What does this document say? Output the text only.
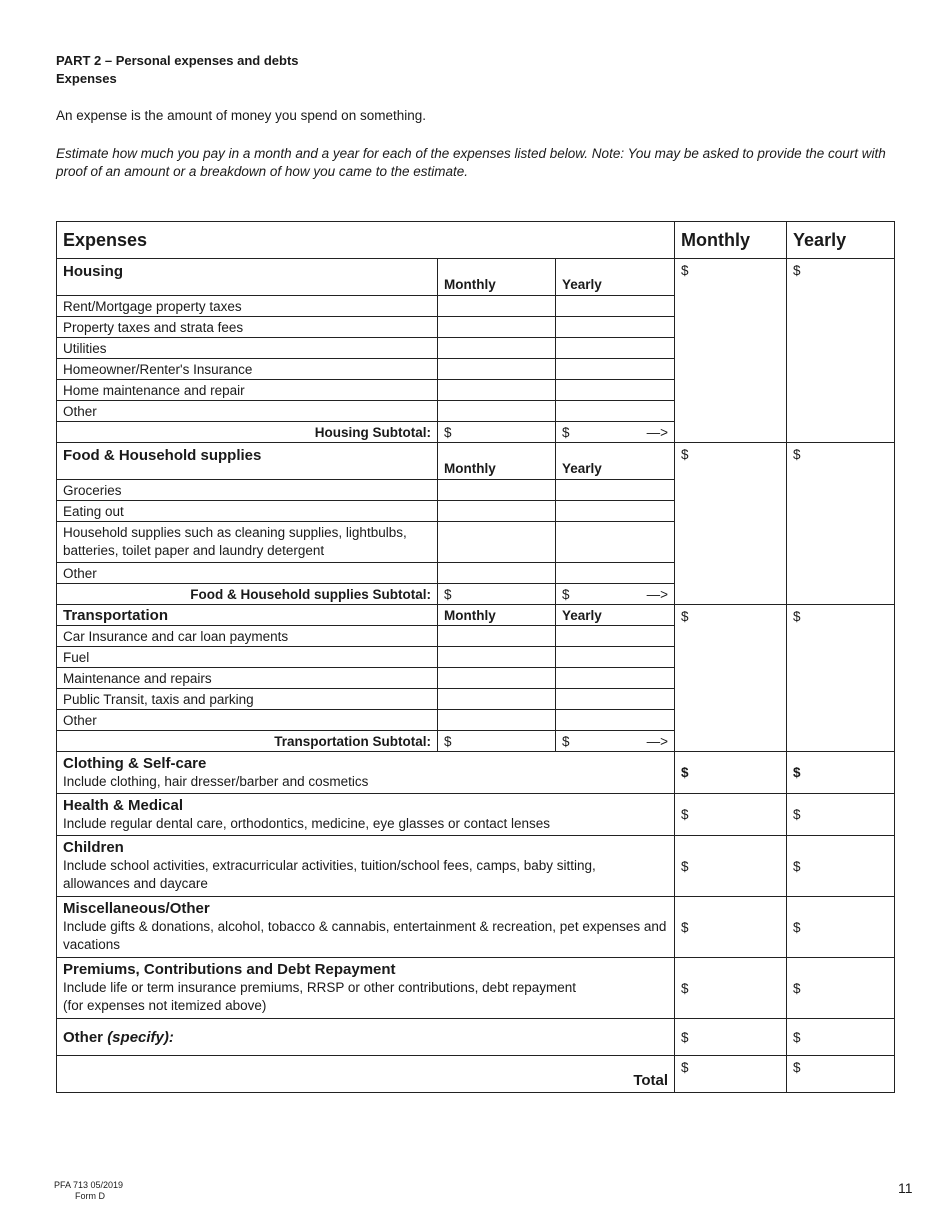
PART 2 – Personal expenses and debts
Expenses
An expense is the amount of money you spend on something.
Estimate how much you pay in a month and a year for each of the expenses listed below. Note: You may be asked to provide the court with proof of an amount or a breakdown of how you came to the estimate.
Expenses			Monthly	Yearly
Housing	Monthly	Yearly	$	$
Rent/Mortgage property taxes				
Property taxes and strata fees				
Utilities				
Homeowner/Renter's Insurance				
Home maintenance and repair				
Other				
Housing Subtotal:	$	$ —>		

Food & Household supplies	Monthly	Yearly	$	$
Groceries				
Eating out				
Household supplies such as cleaning supplies, lightbulbs, batteries, toilet paper and laundry detergent				
Other				
Food & Household supplies Subtotal:	$	$ —>		

Transportation	Monthly	Yearly	$	$
Car Insurance and car loan payments				
Fuel				
Maintenance and repairs				
Public Transit, taxis and parking				
Other				
Transportation Subtotal:	$	$ —>		

Clothing & Self-care
Include clothing, hair dresser/barber and cosmetics			$	$

Health & Medical
Include regular dental care, orthodontics, medicine, eye glasses or contact lenses			$	$

Children
Include school activities, extracurricular activities, tuition/school fees, camps, baby sitting, allowances and daycare			$	$

Miscellaneous/Other
Include gifts & donations, alcohol, tobacco & cannabis, entertainment & recreation, pet expenses and vacations			$	$

Premiums, Contributions and Debt Repayment
Include life or term insurance premiums, RRSP or other contributions, debt repayment
(for expenses not itemized above)			$	$
Other (specify):			$	$
Total			$	$
PFA 713 05/2019
Form D	11
